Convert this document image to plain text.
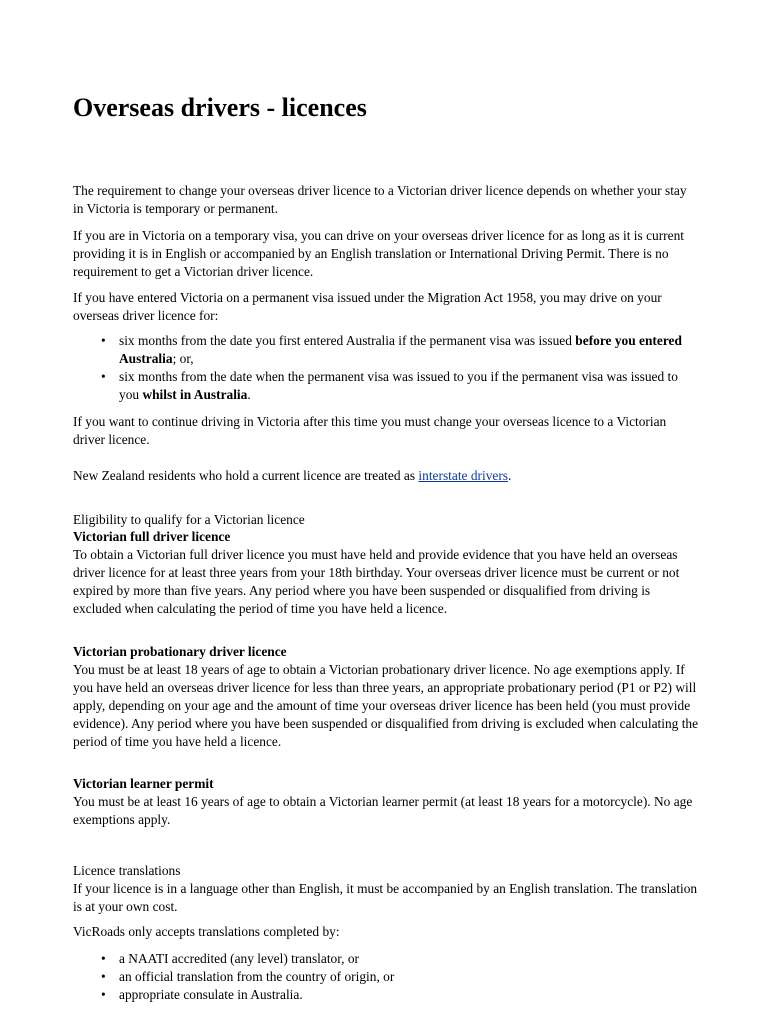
Overseas drivers - licences

The requirement to change your overseas driver licence to a Victorian driver licence depends on whether your stay in Victoria is temporary or permanent.

If you are in Victoria on a temporary visa, you can drive on your overseas driver licence for as long as it is current providing it is in English or accompanied by an English translation or International Driving Permit. There is no requirement to get a Victorian driver licence.

If you have entered Victoria on a permanent visa issued under the Migration Act 1958, you may drive on your overseas driver licence for:

• six months from the date you first entered Australia if the permanent visa was issued before you entered Australia; or,
• six months from the date when the permanent visa was issued to you if the permanent visa was issued to you whilst in Australia.

If you want to continue driving in Victoria after this time you must change your overseas licence to a Victorian driver licence.

New Zealand residents who hold a current licence are treated as interstate drivers.

Eligibility to qualify for a Victorian licence

Victorian full driver licence

To obtain a Victorian full driver licence you must have held and provide evidence that you have held an overseas driver licence for at least three years from your 18th birthday. Your overseas driver licence must be current or not expired by more than five years. Any period where you have been suspended or disqualified from driving is excluded when calculating the period of time you have held a licence.

Victorian probationary driver licence

You must be at least 18 years of age to obtain a Victorian probationary driver licence. No age exemptions apply. If you have held an overseas driver licence for less than three years, an appropriate probationary period (P1 or P2) will apply, depending on your age and the amount of time your overseas driver licence has been held (you must provide evidence). Any period where you have been suspended or disqualified from driving is excluded when calculating the period of time you have held a licence.

Victorian learner permit

You must be at least 16 years of age to obtain a Victorian learner permit (at least 18 years for a motorcycle). No age exemptions apply.

Licence translations

If your licence is in a language other than English, it must be accompanied by an English translation. The translation is at your own cost.

VicRoads only accepts translations completed by:

• a NAATI accredited (any level) translator, or
• an official translation from the country of origin, or
• appropriate consulate in Australia.
